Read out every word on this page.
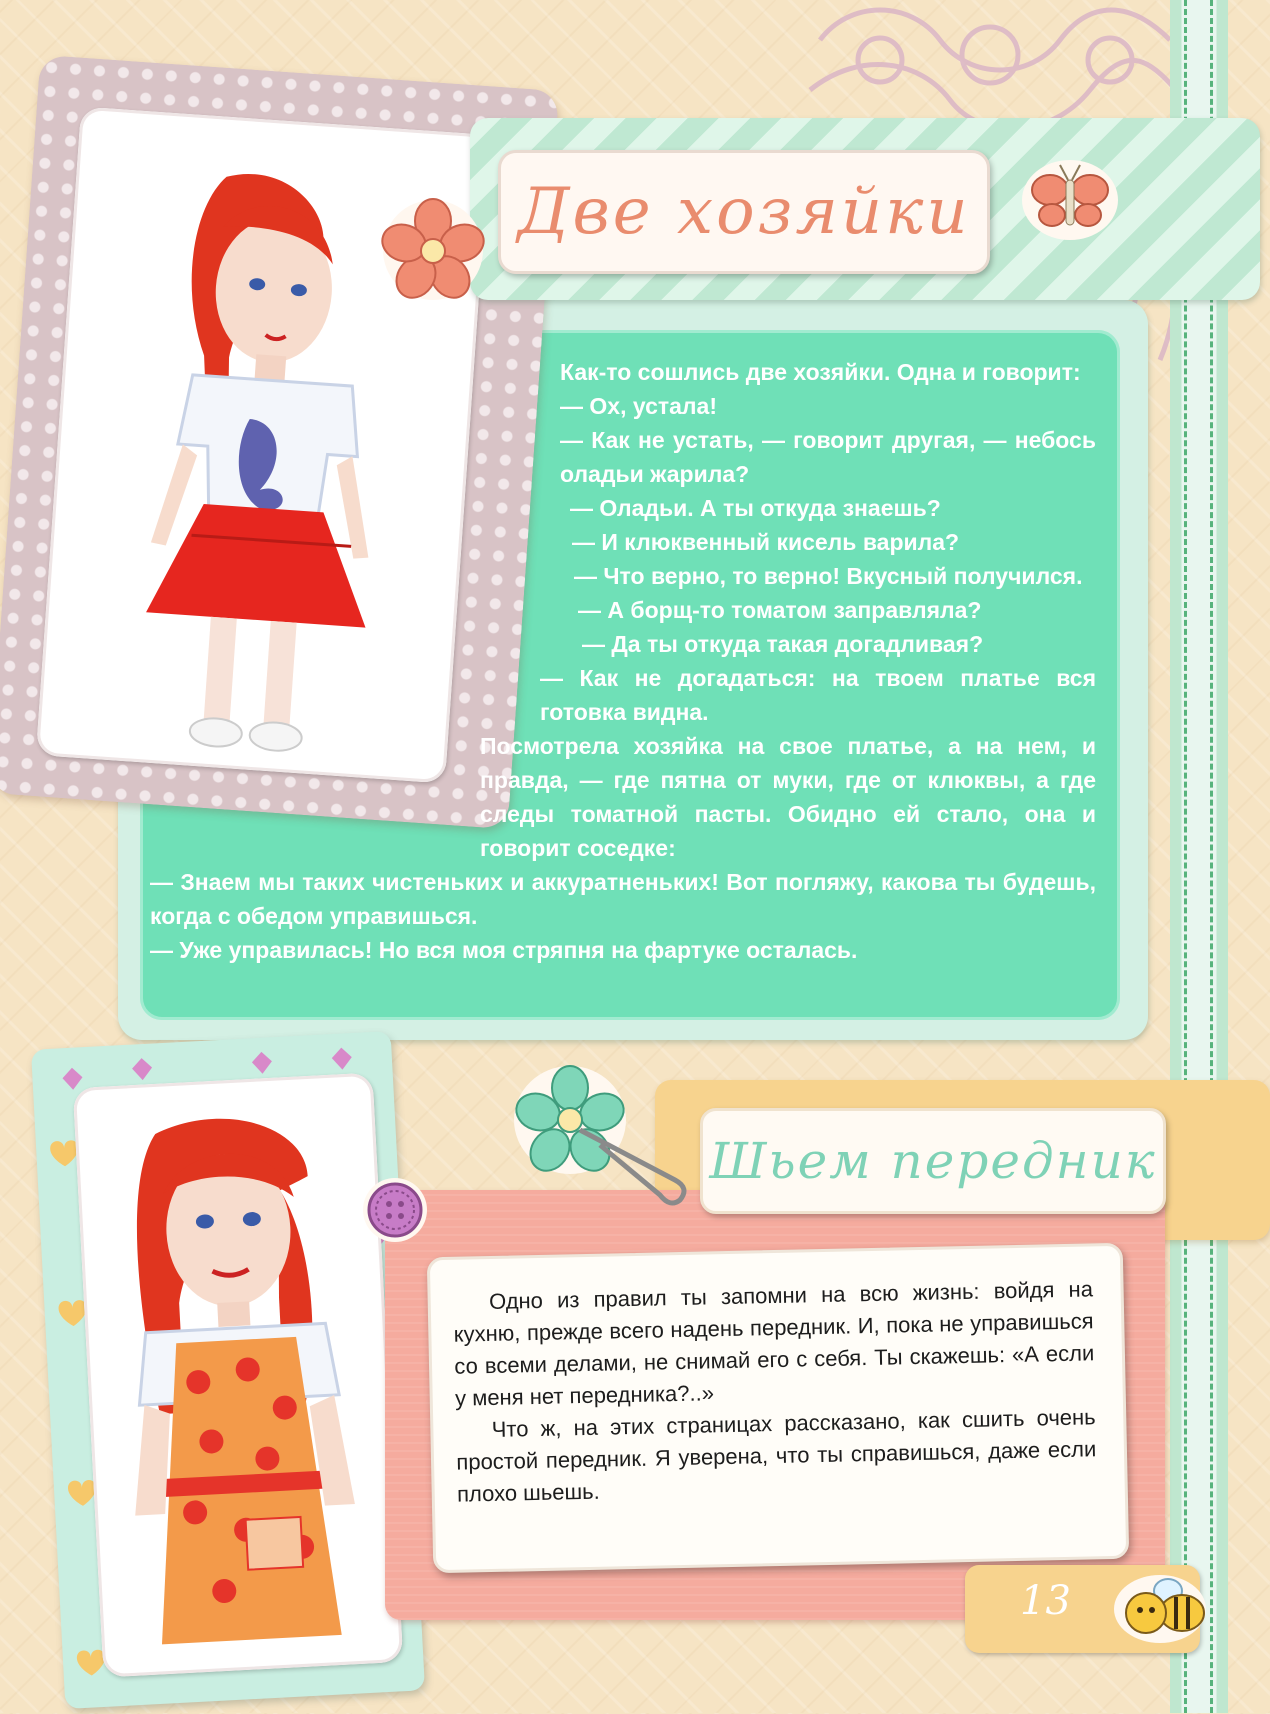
Две хозяйки

Как-то сошлись две хозяйки. Одна и говорит:

— Ох, устала!

— Как не устать, — говорит другая, — небось оладьи жарила?

— Оладьи. А ты откуда знаешь?

— И клюквенный кисель варила?

— Что верно, то верно! Вкусный получился.

— А борщ-то томатом заправляла?

— Да ты откуда такая догадливая?

— Как не догадаться: на твоем платье вся готовка видна.

Посмотрела хозяйка на свое платье, а на нем, и правда, — где пятна от муки, где от клюквы, а где следы томатной пасты. Обидно ей стало, она и говорит соседке:

— Знаем мы таких чистеньких и аккуратненьких! Вот погляжу, какова ты будешь, когда с обедом управишься.

— Уже управилась! Но вся моя стряпня на фартуке осталась.

Шьем передник

Одно из правил ты запомни на всю жизнь: войдя на кухню, прежде всего надень передник. И, пока не управишься со всеми делами, не снимай его с себя. Ты скажешь: «А если у меня нет передника?..»

Что ж, на этих страницах рассказано, как сшить очень простой передник. Я уверена, что ты справишься, даже если плохо шьешь.

13
